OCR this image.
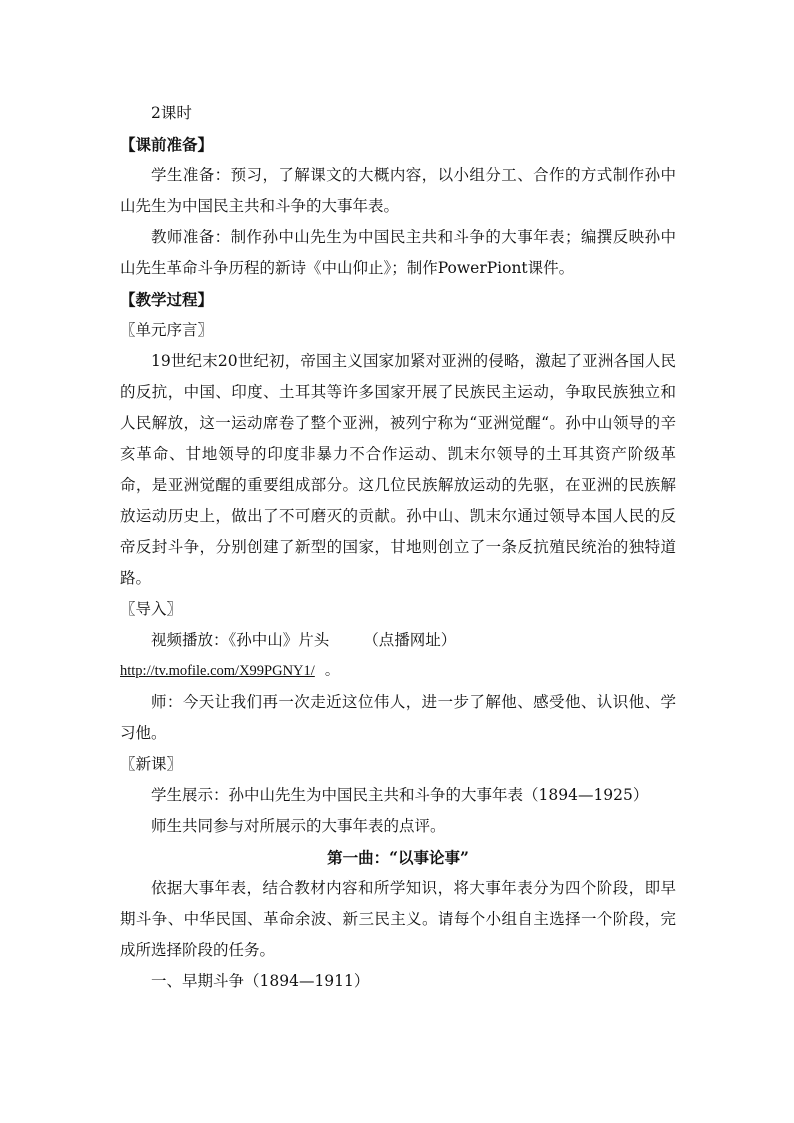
2课时

【课前准备】

学生准备：预习，了解课文的大概内容，以小组分工、合作的方式制作孙中山先生为中国民主共和斗争的大事年表。

教师准备：制作孙中山先生为中国民主共和斗争的大事年表；编撰反映孙中山先生革命斗争历程的新诗《中山仰止》；制作PowerPiont课件。

【教学过程】

〖单元序言〗

19世纪末20世纪初，帝国主义国家加紧对亚洲的侵略，激起了亚洲各国人民的反抗，中国、印度、土耳其等许多国家开展了民族民主运动，争取民族独立和人民解放，这一运动席卷了整个亚洲，被列宁称为“亚洲觉醒“。孙中山领导的辛亥革命、甘地领导的印度非暴力不合作运动、凯末尔领导的土耳其资产阶级革命，是亚洲觉醒的重要组成部分。这几位民族解放运动的先驱，在亚洲的民族解放运动历史上，做出了不可磨灭的贡献。孙中山、凯末尔通过领导本国人民的反帝反封斗争，分别创建了新型的国家，甘地则创立了一条反抗殖民统治的独特道路。

〖导入〗

视频播放：《孙中山》片头 （点播网址）

http://tv.mofile.com/X99PGNY1/ 。

师：今天让我们再一次走近这位伟人，进一步了解他、感受他、认识他、学习他。

〖新课〗

学生展示：孙中山先生为中国民主共和斗争的大事年表（1894—1925）

师生共同参与对所展示的大事年表的点评。

第一曲：“以事论事”

依据大事年表，结合教材内容和所学知识，将大事年表分为四个阶段，即早期斗争、中华民国、革命余波、新三民主义。请每个小组自主选择一个阶段，完成所选择阶段的任务。

一、早期斗争（1894—1911）
